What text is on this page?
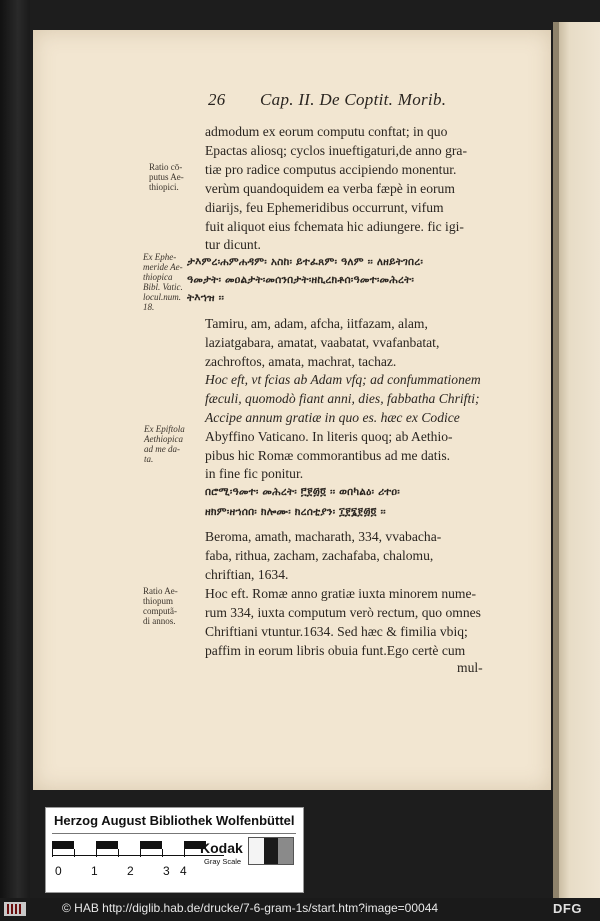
26 Cap. II. De Coptit. Morib.
admodum ex eorum computu conftat; in quo
Epactas aliosq; cyclos inueftigaturi,de anno gra-
tiæ pro radice computus accipiendo monentur.
verùm quandoquidem ea verba fæpè in eorum
diarijs, feu Ephemeridibus occurrunt, vifum
fuit aliquot eius fchemata hic adiungere. fic igi-
tur dicunt.
ታእምረ፡ሐምሐዳም፡ አስከ፡ ይተፈጸም፡ ዓለም ፡፡ ለዘይትገበረ፡
ዓመታት፡ መዐልታት፡መሰንበታት፡ዘኪረክቶሰ፡ዓመተ፡መሕረት፡
ትእኀዝ ፡፡
Tamiru, am, adam, afcha, iitfazam, alam,
laziatgabara, amatat, vaabatat, vvafanbatat,
zachroftos, amata, machrat, tachaz.
Hoc eft, vt fcias ab Adam vfq; ad confummationem
fæculi, quomodò fiant anni, dies, fabbatha Chrifti;
Accipe annum gratiæ in quo es. hæc ex Codice
Abyffino Vaticano. In literis quoq; ab Aethio-
pibus hic Romæ commorantibus ad me datis.
in fine fic ponitur.
በሮሚ፡ዓመተ፡ መሕረት፡ ፫፻፴፬ ፡፡ ወበካልዕ፡ ሪተዐ፡
ዘክም፡ዘኀሰበ፡ ክሎሙ፡ ክረሰቲያን፡ ፲፻፮፻፴፬ ፡፡
Beroma, amath, macharath, 334, vvabacha-
faba, rithua, zacham, zachafaba, chalomu,
chriftian, 1634.
Hoc eft. Romæ anno gratiæ iuxta minorem nume-
rum 334, iuxta computum verò rectum, quo omnes
Chriftiani vtuntur.1634. Sed hæc & fimilia vbiq;
paffim in eorum libris obuia funt.Ego certè cum
mul-
Ratio cō-
putus Ae-
thiopici.
Ex Ephe-
meride Ae-
thiopica
Bibl. Vatic.
locul.num.
18.
Ex Epiftola
Aethiopica
ad me da-
ta.
Ratio Ae-
thiopum
computã-
di annos.
Herzog August Bibliothek Wolfenbüttel
0 1 2 3 4
Kodak
Gray Scale
© HAB http://diglib.hab.de/drucke/7-6-gram-1s/start.htm?image=00044	DFG
